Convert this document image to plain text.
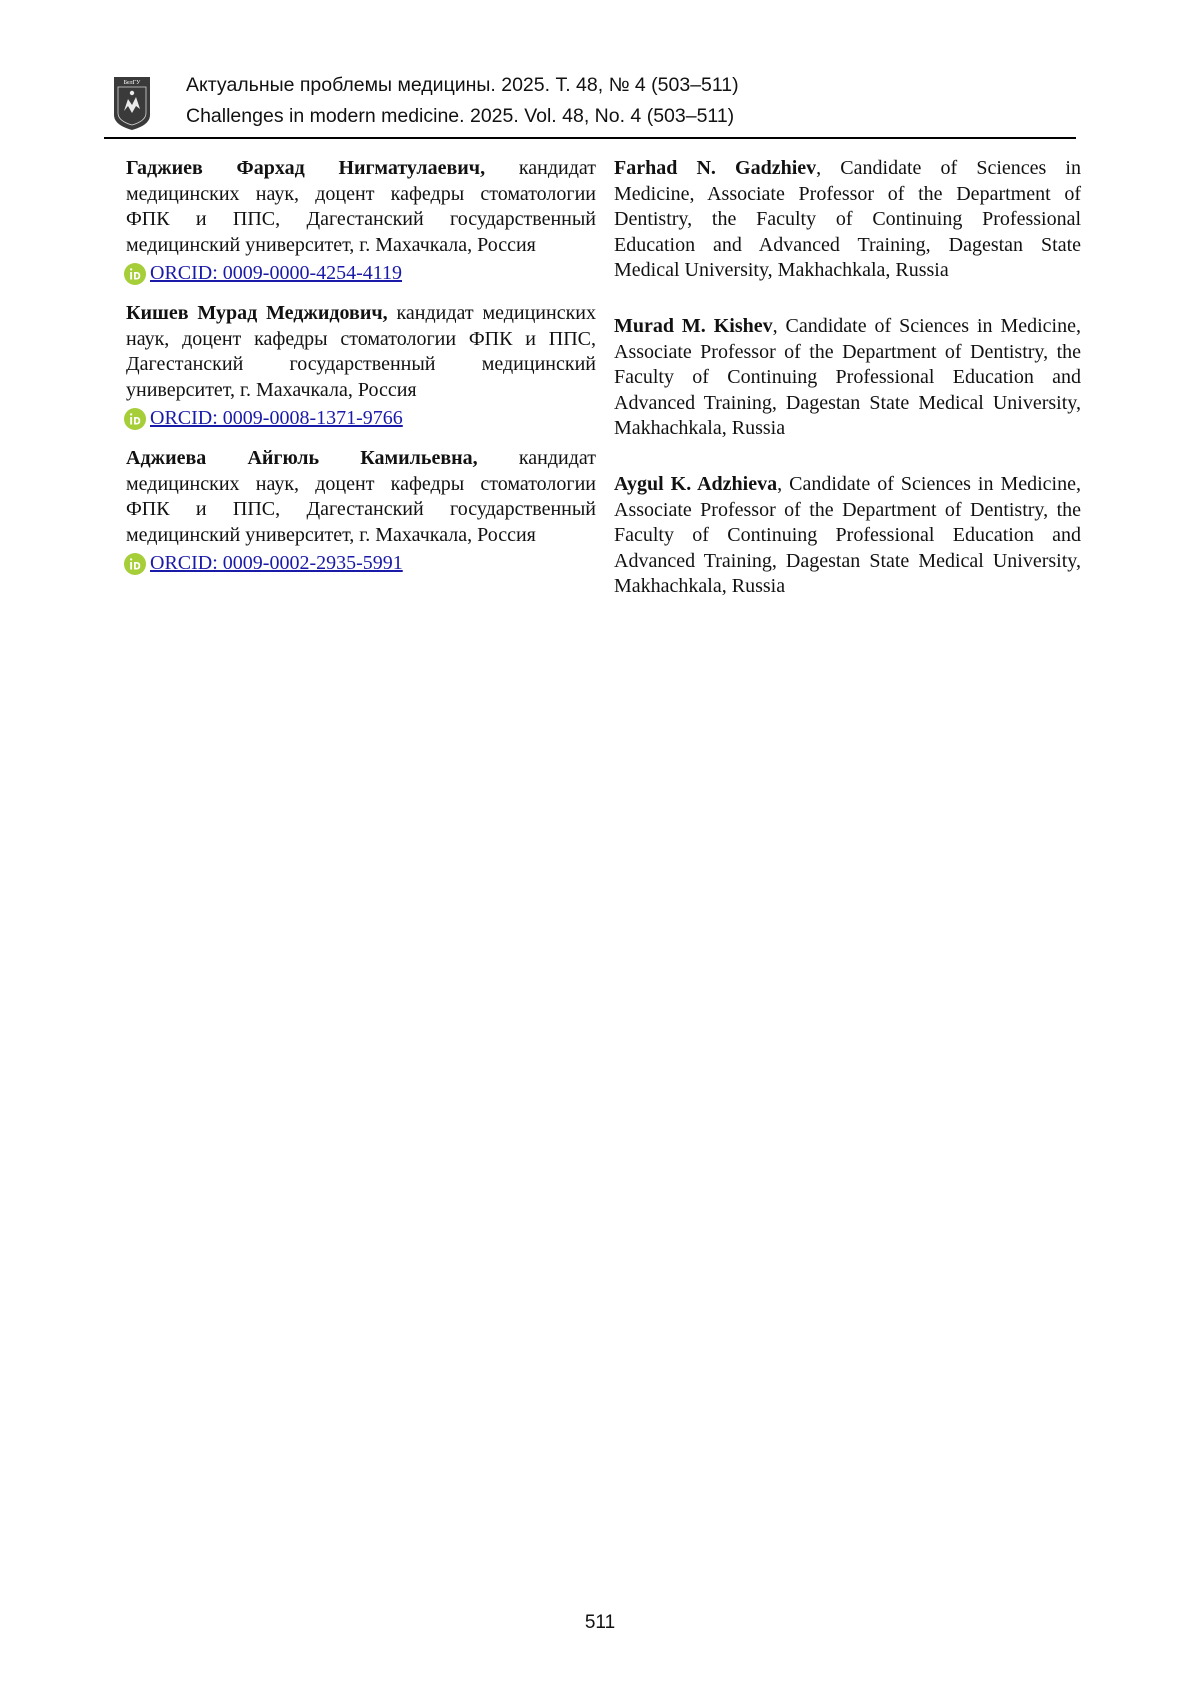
БелГУ Актуальные проблемы медицины. 2025. Т. 48, № 4 (503–511)
Challenges in modern medicine. 2025. Vol. 48, No. 4 (503–511)
Гаджиев Фархад Нигматулаевич, кандидат медицинских наук, доцент кафедры стоматологии ФПК и ППС, Дагестанский государственный медицинский университет, г. Махачкала, Россия
ORCID: 0009-0000-4254-4119
Кишев Мурад Меджидович, кандидат медицинских наук, доцент кафедры стоматологии ФПК и ППС, Дагестанский государственный медицинский университет, г. Махачкала, Россия
ORCID: 0009-0008-1371-9766
Аджиева Айгюль Камильевна, кандидат медицинских наук, доцент кафедры стоматологии ФПК и ППС, Дагестанский государственный медицинский университет, г. Махачкала, Россия
ORCID: 0009-0002-2935-5991
Farhad N. Gadzhiev, Candidate of Sciences in Medicine, Associate Professor of the Department of Dentistry, the Faculty of Continuing Professional Education and Advanced Training, Dagestan State Medical University, Makhachkala, Russia
Murad M. Kishev, Candidate of Sciences in Medicine, Associate Professor of the Department of Dentistry, the Faculty of Continuing Professional Education and Advanced Training, Dagestan State Medical University, Makhachkala, Russia
Aygul K. Adzhieva, Candidate of Sciences in Medicine, Associate Professor of the Department of Dentistry, the Faculty of Continuing Professional Education and Advanced Training, Dagestan State Medical University, Makhachkala, Russia
511
